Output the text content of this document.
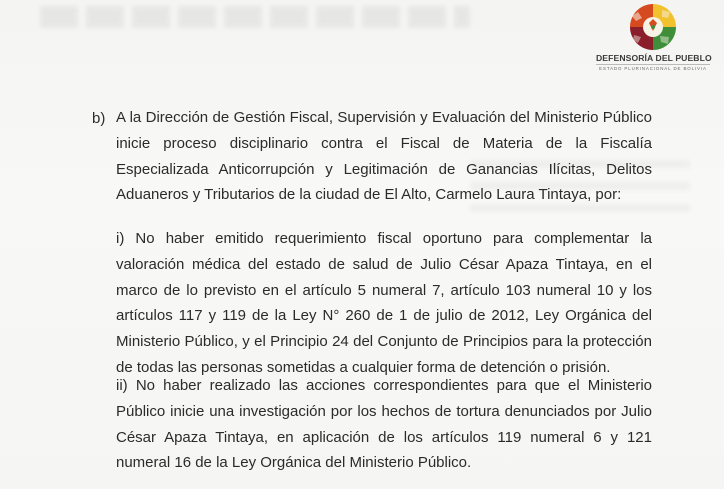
DEFENSORÍA DEL PUEBLO
ESTADO PLURINACIONAL DE BOLIVIA
b) A la Dirección de Gestión Fiscal, Supervisión y Evaluación del Ministerio Público inicie proceso disciplinario contra el Fiscal de Materia de la Fiscalía Especializada Anticorrupción y Legitimación de Ganancias Ilícitas, Delitos Aduaneros y Tributarios de la ciudad de El Alto, Carmelo Laura Tintaya, por:

i) No haber emitido requerimiento fiscal oportuno para complementar la valoración médica del estado de salud de Julio César Apaza Tintaya, en el marco de lo previsto en el artículo 5 numeral 7, artículo 103 numeral 10 y los artículos 117 y 119 de la Ley N° 260 de 1 de julio de 2012, Ley Orgánica del Ministerio Público, y el Principio 24 del Conjunto de Principios para la protección de todas las personas sometidas a cualquier forma de detención o prisión.

ii) No haber realizado las acciones correspondientes para que el Ministerio Público inicie una investigación por los hechos de tortura denunciados por Julio César Apaza Tintaya, en aplicación de los artículos 119 numeral 6 y 121 numeral 16 de la Ley Orgánica del Ministerio Público.
